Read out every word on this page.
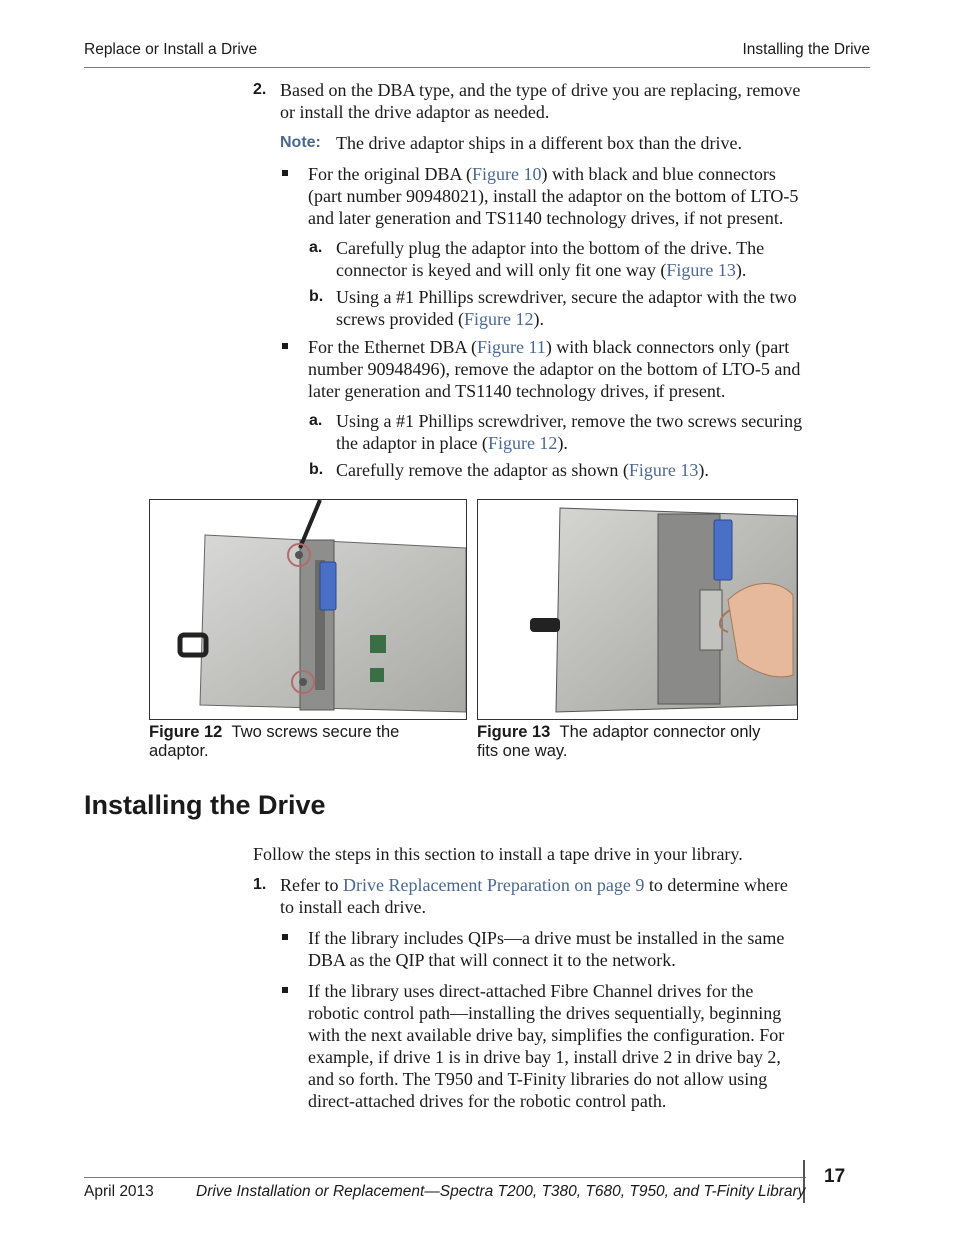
Replace or Install a Drive	Installing the Drive
2. Based on the DBA type, and the type of drive you are replacing, remove
or install the drive adaptor as needed.
Note: The drive adaptor ships in a different box than the drive.
For the original DBA (Figure 10) with black and blue connectors
(part number 90948021), install the adaptor on the bottom of LTO-5
and later generation and TS1140 technology drives, if not present.
a. Carefully plug the adaptor into the bottom of the drive. The
connector is keyed and will only fit one way (Figure 13).
b. Using a #1 Phillips screwdriver, secure the adaptor with the two
screws provided (Figure 12).
For the Ethernet DBA (Figure 11) with black connectors only (part
number 90948496), remove the adaptor on the bottom of LTO-5 and
later generation and TS1140 technology drives, if present.
a. Using a #1 Phillips screwdriver, remove the two screws securing
the adaptor in place (Figure 12).
b. Carefully remove the adaptor as shown (Figure 13).
Figure 12 Two screws secure the
adaptor.
Figure 13 The adaptor connector only
fits one way.
Installing the Drive
Follow the steps in this section to install a tape drive in your library.
1. Refer to Drive Replacement Preparation on page 9 to determine where
to install each drive.
If the library includes QIPs—a drive must be installed in the same
DBA as the QIP that will connect it to the network.
If the library uses direct-attached Fibre Channel drives for the
robotic control path—installing the drives sequentially, beginning
with the next available drive bay, simplifies the configuration. For
example, if drive 1 is in drive bay 1, install drive 2 in drive bay 2,
and so forth. The T950 and T-Finity libraries do not allow using
direct-attached drives for the robotic control path.
April 2013	Drive Installation or Replacement—Spectra T200, T380, T680, T950, and T-Finity Library
17
